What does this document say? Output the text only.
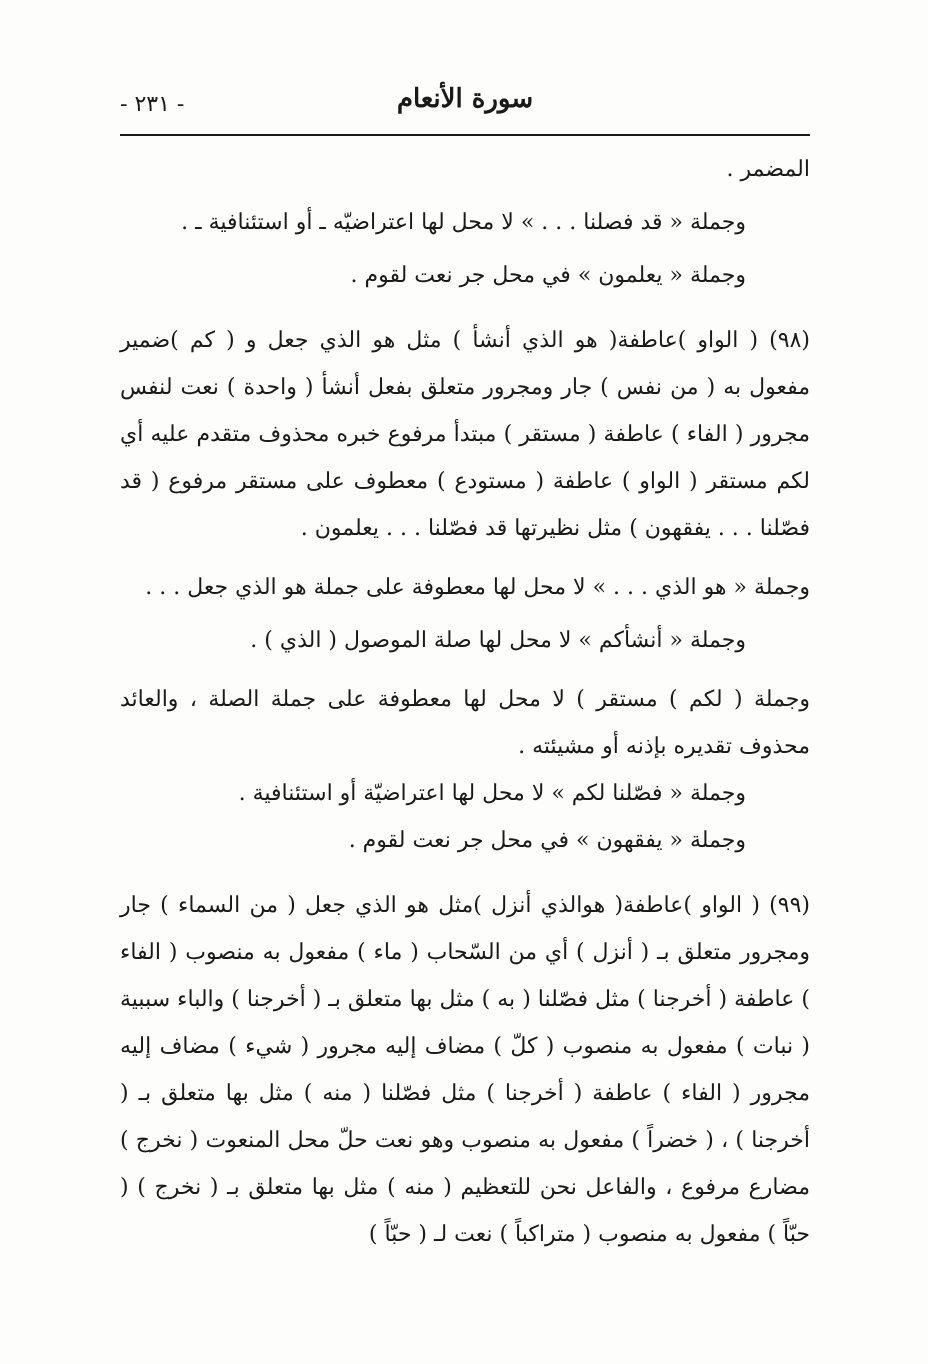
سورة الأنعام
- ٢٣١ -

المضمر .

وجملة « قد فصلنا . . . » لا محل لها اعتراضيّه ـ أو استئنافية ـ .

وجملة « يعلمون » في محل جر نعت لقوم .

(٩٨) ( الواو )عاطفة( هو الذي أنشأ ) مثل هو الذي جعل و ( كم )ضمير مفعول به ( من نفس ) جار ومجرور متعلق بفعل أنشأ ( واحدة ) نعت لنفس مجرور ( الفاء ) عاطفة ( مستقر ) مبتدأ مرفوع خبره محذوف متقدم عليه أي لكم مستقر ( الواو ) عاطفة ( مستودع ) معطوف على مستقر مرفوع ( قد فصّلنا . . . يفقهون ) مثل نظيرتها قد فصّلنا . . . يعلمون .

وجملة « هو الذي . . . » لا محل لها معطوفة على جملة هو الذي جعل . . .

وجملة « أنشأكم » لا محل لها صلة الموصول ( الذي ) .

وجملة ( لكم ) مستقر ) لا محل لها معطوفة على جملة الصلة ، والعائد محذوف تقديره بإذنه أو مشيئته .

وجملة « فصّلنا لكم » لا محل لها اعتراضيّة أو استئنافية .

وجملة « يفقهون » في محل جر نعت لقوم .

(٩٩) ( الواو )عاطفة( هوالذي أنزل )مثل هو الذي جعل ( من السماء ) جار ومجرور متعلق بـ ( أنزل ) أي من السّحاب ( ماء ) مفعول به منصوب ( الفاء ) عاطفة ( أخرجنا ) مثل فصّلنا ( به ) مثل بها متعلق بـ ( أخرجنا ) والباء سببية ( نبات ) مفعول به منصوب ( كلّ ) مضاف إليه مجرور ( شيء ) مضاف إليه مجرور ( الفاء ) عاطفة ( أخرجنا ) مثل فصّلنا ( منه ) مثل بها متعلق بـ ( أخرجنا ) ، ( خضراً ) مفعول به منصوب وهو نعت حلّ محل المنعوت ( نخرج ) مضارع مرفوع ، والفاعل نحن للتعظيم ( منه ) مثل بها متعلق بـ ( نخرج ) ( حبّاً ) مفعول به منصوب ( متراكباً ) نعت لـ ( حبّاً )
